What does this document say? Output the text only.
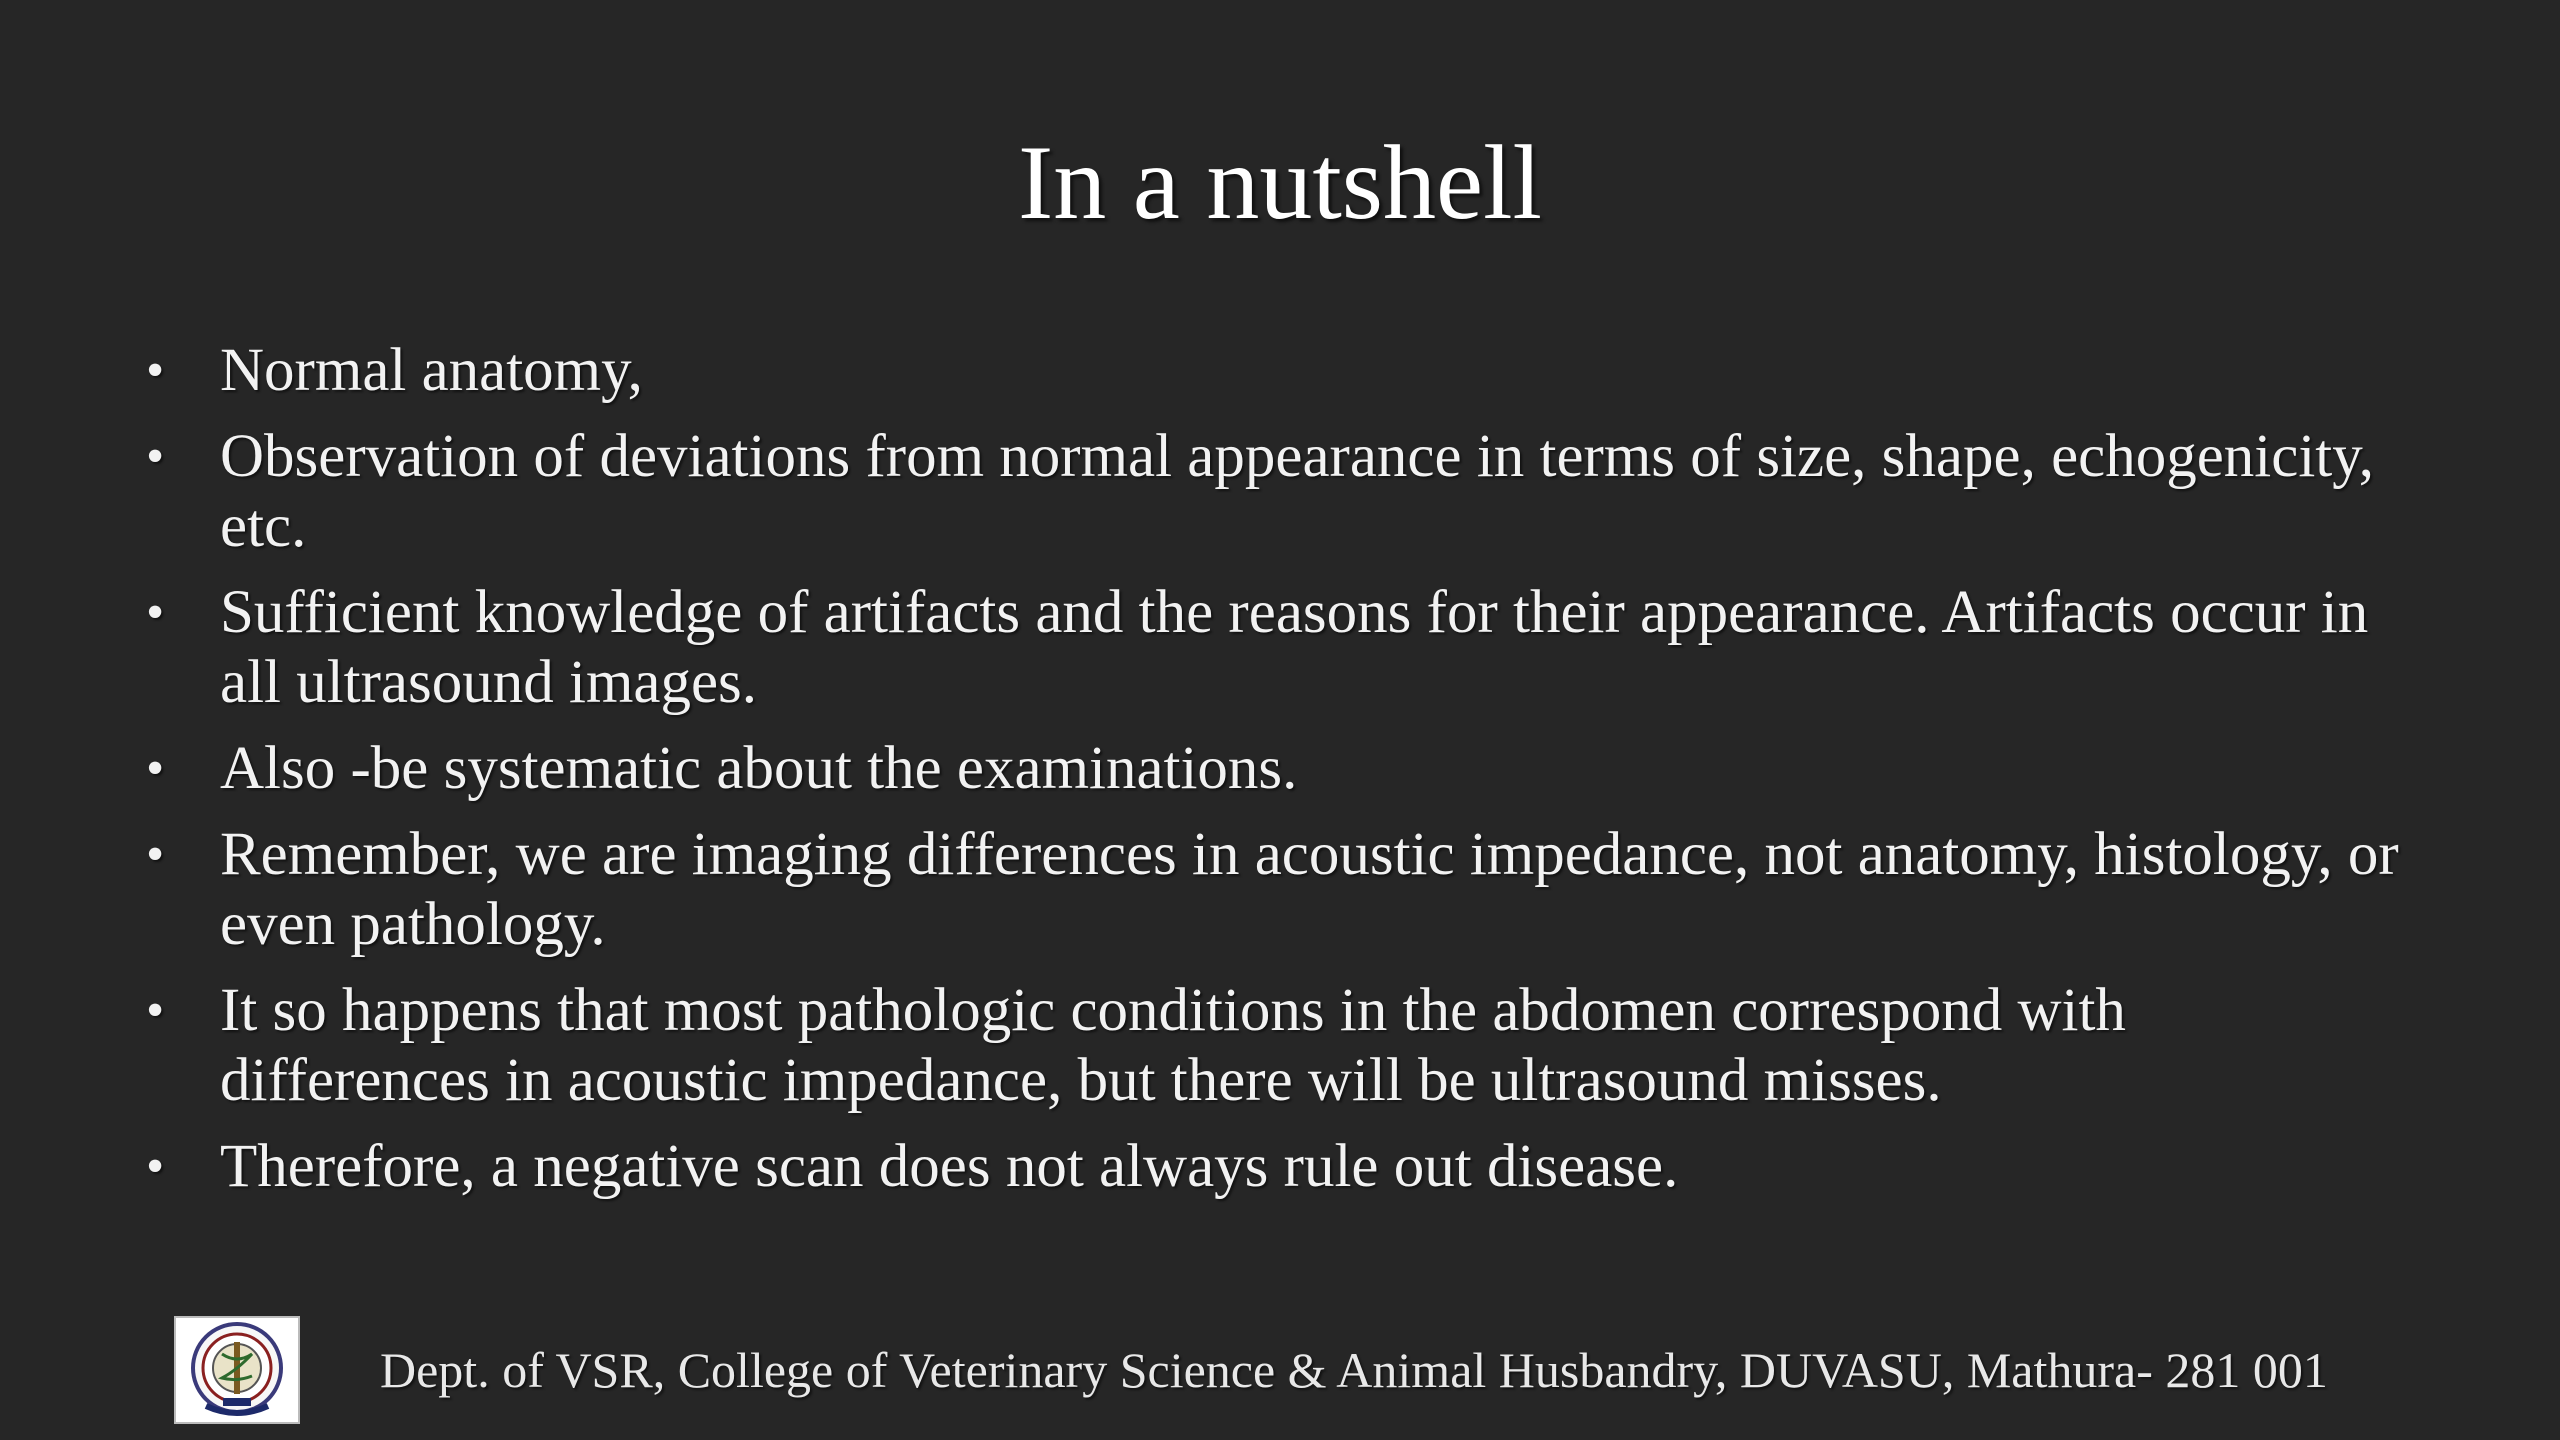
In a nutshell
• Normal anatomy,
• Observation of deviations from normal appearance in terms of size, shape, echogenicity, etc.
• Sufficient knowledge of artifacts and the reasons for their appearance. Artifacts occur in all ultrasound images.
• Also -be systematic about the examinations.
• Remember, we are imaging differences in acoustic impedance, not anatomy, histology, or even pathology.
• It so happens that most pathologic conditions in the abdomen correspond with differences in acoustic impedance, but there will be ultrasound misses.
• Therefore, a negative scan does not always rule out disease.
Dept. of VSR, College of Veterinary Science & Animal Husbandry, DUVASU, Mathura- 281 001
